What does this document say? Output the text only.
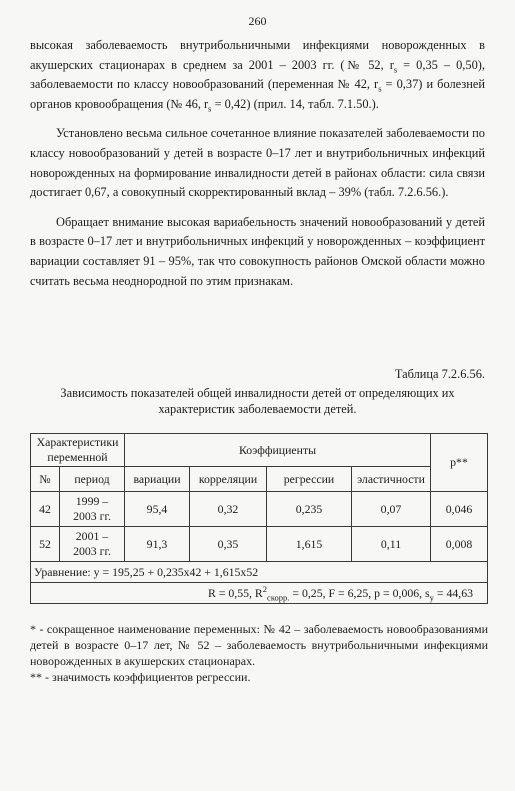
260

высокая заболеваемость внутрибольничными инфекциями новорожденных в акушерских стационарах в среднем за 2001 – 2003 гг. (№ 52, $r_s = 0,35 - 0,50$), заболеваемости по классу новообразований (переменная № 42, $r_s = 0,37$) и болезней органов кровообращения (№ 46, $r_s = 0,42$) (прил. 14, табл. 7.1.50.).

Установлено весьма сильное сочетанное влияние показателей заболеваемости по классу новообразований у детей в возрасте 0–17 лет и внутрибольничных инфекций новорожденных на формирование инвалидности детей в районах области: сила связи достигает 0,67, а совокупный скорректированный вклад – 39% (табл. 7.2.6.56.).

Обращает внимание высокая вариабельность значений новообразований у детей в возрасте 0–17 лет и внутрибольничных инфекций у новорожденных – коэффициент вариации составляет 91 – 95%, так что совокупность районов Омской области можно считать весьма неоднородной по этим признакам.

Таблица 7.2.6.56.
Зависимость показателей общей инвалидности детей от определяющих их характеристик заболеваемости детей.
Характеристики переменной		Коэффициенты				p**
№	период	вариации	корреляции	регрессии	эластичности	
42	1999 – 2003 гг.	95,4	0,32	0,235	0,07	0,046
52	2001 – 2003 гг.	91,3	0,35	1,615	0,11	0,008
Уравнение: y = 195,25 + 0,235x42 + 1,615x52						
R = 0,55, $R^2_{скорр.} = 0,25$, F = 6,25, p = 0,006, $s_y = 44,63$						

* - сокращенное наименование переменных: № 42 – заболеваемость новообразованиями детей в возрасте 0–17 лет, № 52 – заболеваемость внутрибольничными инфекциями новорожденных в акушерских стационарах.

** - значимость коэффициентов регрессии.
